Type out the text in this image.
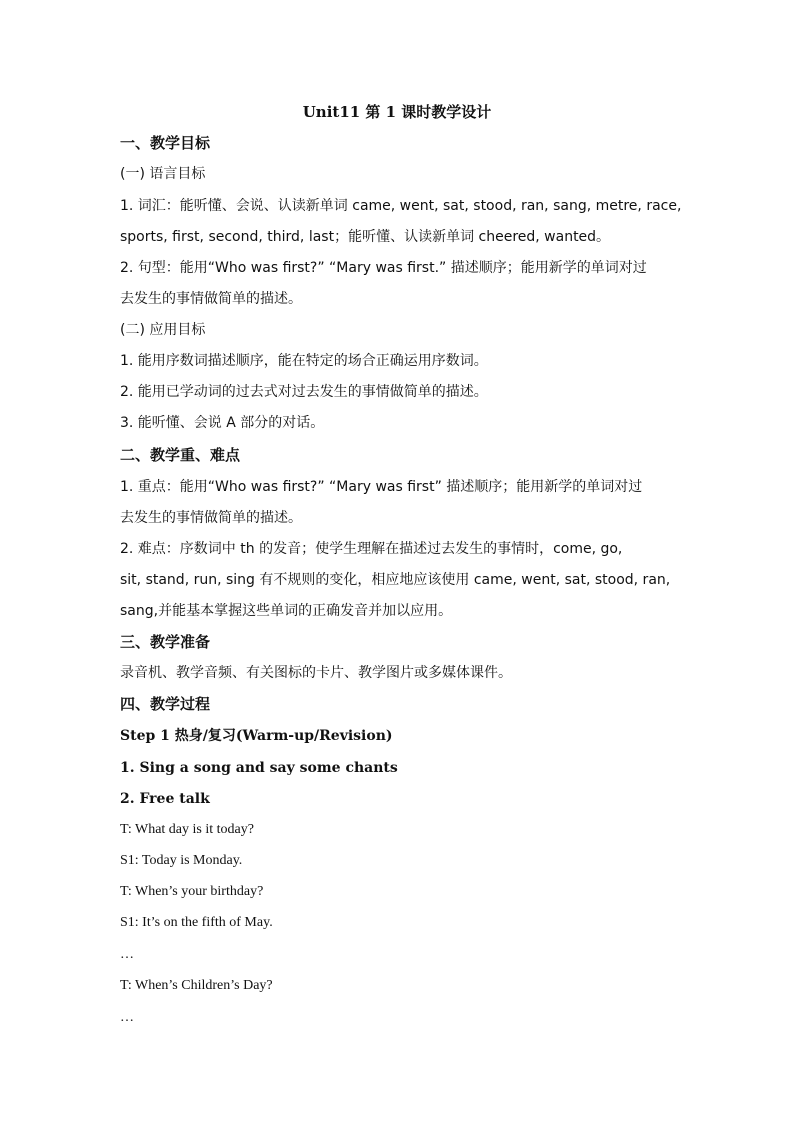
Unit11 第 1 课时教学设计
一、教学目标
(一) 语言目标
1. 词汇：能听懂、会说、认读新单词 came, went, sat, stood, ran, sang, metre, race,
sports, first, second, third, last；能听懂、认读新单词 cheered, wanted。
2. 句型：能用“Who was first?” “Mary was first.” 描述顺序；能用新学的单词对过
去发生的事情做简单的描述。
(二) 应用目标
1. 能用序数词描述顺序，能在特定的场合正确运用序数词。
2. 能用已学动词的过去式对过去发生的事情做简单的描述。
3. 能听懂、会说 A 部分的对话。
二、教学重、难点
1. 重点：能用“Who was first?” “Mary was first” 描述顺序；能用新学的单词对过
去发生的事情做简单的描述。
2. 难点：序数词中 th 的发音；使学生理解在描述过去发生的事情时，come, go,
sit, stand, run, sing 有不规则的变化，相应地应该使用 came, went, sat, stood, ran,
sang,并能基本掌握这些单词的正确发音并加以应用。
三、教学准备
录音机、教学音频、有关图标的卡片、教学图片或多媒体课件。
四、教学过程
Step 1 热身/复习(Warm-up/Revision)
1. Sing a song and say some chants
2. Free talk
T: What day is it today?
S1: Today is Monday.
T: When’s your birthday?
S1: It’s on the fifth of May.
…
T: When’s Children’s Day?
…
